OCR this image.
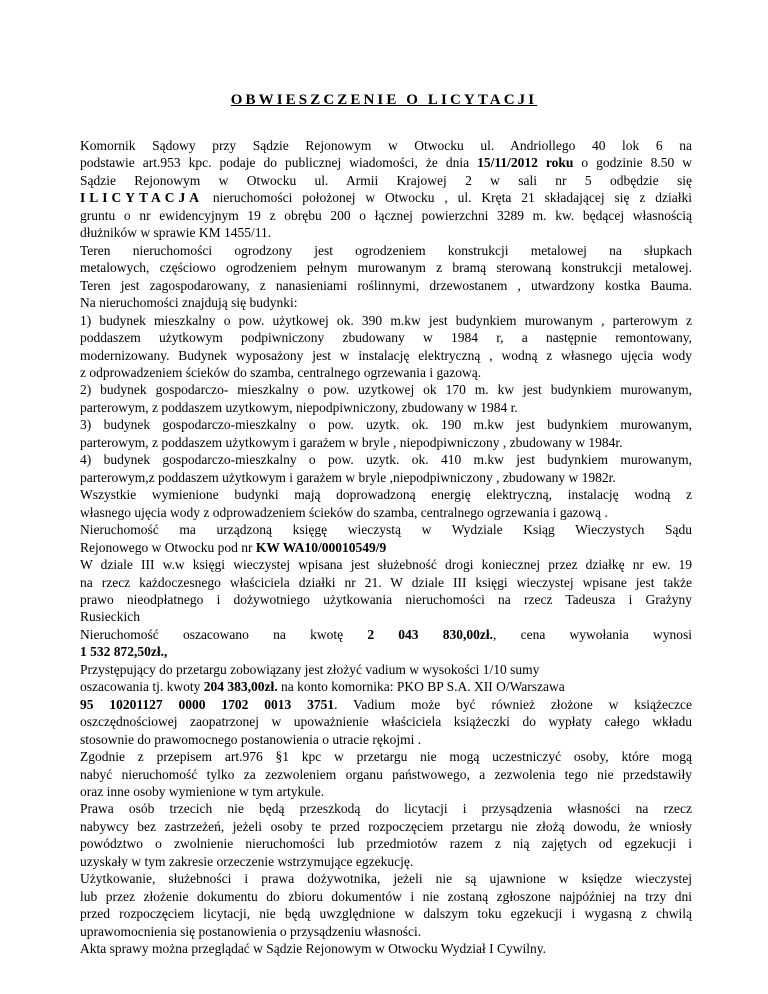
OBWIESZCZENIE O LICYTACJI
Komornik Sądowy przy Sądzie Rejonowym w Otwocku ul. Andriollego 40 lok 6 na
podstawie art.953 kpc. podaje do publicznej wiadomości, że dnia 15/11/2012 roku o godzinie 8.50 w
Sądzie Rejonowym w Otwocku ul. Armii Krajowej 2 w sali nr 5 odbędzie się
ILICYTACJA nieruchomości położonej w Otwocku , ul. Kręta 21 składającej się z działki
gruntu o nr ewidencyjnym 19 z obrębu 200 o łącznej powierzchni 3289 m. kw. będącej własnością
dłużników w sprawie KM 1455/11.
Teren nieruchomości ogrodzony jest ogrodzeniem konstrukcji metalowej na słupkach
metalowych, częściowo ogrodzeniem pełnym murowanym z bramą sterowaną konstrukcji metalowej.
Teren jest zagospodarowany, z nanasieniami roślinnymi, drzewostanem , utwardzony kostka Bauma.
Na nieruchomości znajdują się budynki:
1) budynek mieszkalny o pow. użytkowej ok. 390 m.kw jest budynkiem murowanym , parterowym z
poddaszem użytkowym podpiwniczony zbudowany w 1984 r, a następnie remontowany,
modernizowany. Budynek wyposażony jest w instalację elektryczną , wodną z własnego ujęcia wody
z odprowadzeniem ścieków do szamba, centralnego ogrzewania i gazową.
2) budynek gospodarczo- mieszkalny o pow. uzytkowej ok 170 m. kw jest budynkiem murowanym,
parterowym, z poddaszem uzytkowym, niepodpiwniczony, zbudowany w 1984 r.
3) budynek gospodarczo-mieszkalny o pow. uzytk. ok. 190 m.kw jest budynkiem murowanym,
parterowym, z poddaszem użytkowym i garażem w bryle , niepodpiwniczony , zbudowany w 1984r.
4) budynek gospodarczo-mieszkalny o pow. uzytk. ok. 410 m.kw jest budynkiem murowanym,
parterowym,z poddaszem użytkowym i garażem w bryle ,niepodpiwniczony , zbudowany w 1982r.
Wszystkie wymienione budynki mają doprowadzoną energię elektryczną, instalację wodną z
własnego ujęcia wody z odprowadzeniem ścieków do szamba, centralnego ogrzewania i gazową .
Nieruchomość ma urządzoną księgę wieczystą w Wydziale Ksiąg Wieczystych Sądu
Rejonowego w Otwocku pod nr KW WA10/00010549/9
W dziale III w.w księgi wieczystej wpisana jest służebność drogi koniecznej przez działkę nr ew. 19
na rzecz każdoczesnego właściciela działki nr 21. W dziale III księgi wieczystej wpisane jest także
prawo nieodpłatnego i dożywotniego użytkowania nieruchomości na rzecz Tadeusza i Grażyny
Rusieckich
Nieruchomość oszacowano na kwotę 2 043 830,00zł., cena wywołania wynosi
1 532 872,50zł.,
Przystępujący do przetargu zobowiązany jest złożyć vadium w wysokości 1/10 sumy
oszacowania tj. kwoty 204 383,00zł. na konto komornika: PKO BP S.A. XII O/Warszawa
95 10201127 0000 1702 0013 3751. Vadium może być również złożone w książeczce
oszczędnościowej zaopatrzonej w upoważnienie właściciela książeczki do wypłaty całego wkładu
stosownie do prawomocnego postanowienia o utracie rękojmi .
Zgodnie z przepisem art.976 §1 kpc w przetargu nie mogą uczestniczyć osoby, które mogą
nabyć nieruchomość tylko za zezwoleniem organu państwowego, a zezwolenia tego nie przedstawiły
oraz inne osoby wymienione w tym artykule.
Prawa osób trzecich nie będą przeszkodą do licytacji i przysądzenia własności na rzecz
nabywcy bez zastrzeżeń, jeżeli osoby te przed rozpoczęciem przetargu nie złożą dowodu, że wniosły
powództwo o zwolnienie nieruchomości lub przedmiotów razem z nią zajętych od egzekucji i
uzyskały w tym zakresie orzeczenie wstrzymujące egzekucję.
Użytkowanie, służebności i prawa dożywotnika, jeżeli nie są ujawnione w księdze wieczystej
lub przez złożenie dokumentu do zbioru dokumentów i nie zostaną zgłoszone najpóźniej na trzy dni
przed rozpoczęciem licytacji, nie będą uwzględnione w dalszym toku egzekucji i wygasną z chwilą
uprawomocnienia się postanowienia o przysądzeniu własności.
Akta sprawy można przeglądać w Sądzie Rejonowym w Otwocku Wydział I Cywilny.
